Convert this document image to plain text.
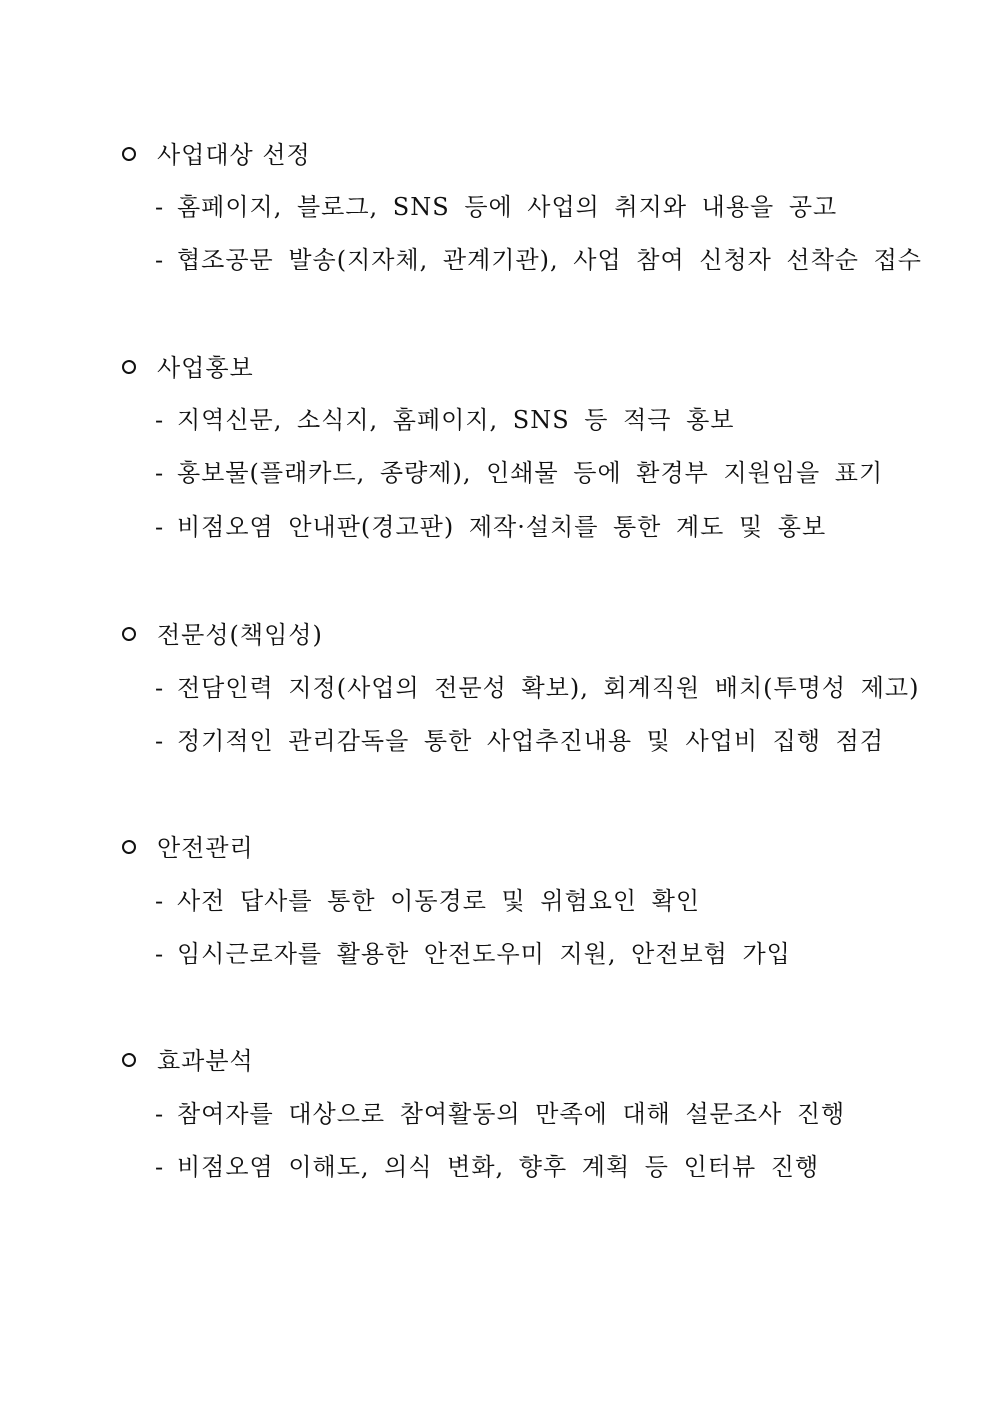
사업대상 선정
- 홈페이지, 블로그, SNS 등에 사업의 취지와 내용을 공고
- 협조공문 발송(지자체, 관계기관), 사업 참여 신청자 선착순 접수
사업홍보
- 지역신문, 소식지, 홈페이지, SNS 등 적극 홍보
- 홍보물(플래카드, 종량제), 인쇄물 등에 환경부 지원임을 표기
- 비점오염 안내판(경고판) 제작·설치를 통한 계도 및 홍보
전문성(책임성)
- 전담인력 지정(사업의 전문성 확보), 회계직원 배치(투명성 제고)
- 정기적인 관리감독을 통한 사업추진내용 및 사업비 집행 점검
안전관리
- 사전 답사를 통한 이동경로 및 위험요인 확인
- 임시근로자를 활용한 안전도우미 지원, 안전보험 가입
효과분석
- 참여자를 대상으로 참여활동의 만족에 대해 설문조사 진행
- 비점오염 이해도, 의식 변화, 향후 계획 등 인터뷰 진행
